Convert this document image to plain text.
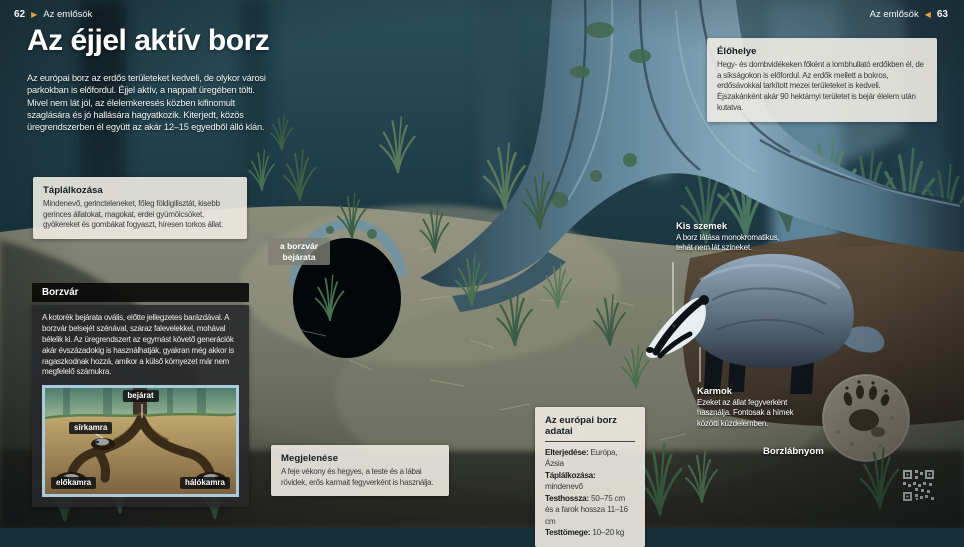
62 ▶ Az emlősök	Az emlősök ◀ 63
Az éjjel aktív borz

Az európai borz az erdős területeket kedveli, de olykor városi parkokban is előfordul. Éjjel aktív, a nappalt üregében tölti. Mivel nem lát jól, az élelemkeresés közben kifinomult szaglására és jó hallására hagyatkozik. Kiterjedt, közös üregrendszerben él együtt az akár 12–15 egyedből álló klán.

Táplálkozása

Mindenevő, gerincteleneket, főleg földigilisztát, kisebb gerinces állatokat, magokat, erdei gyümölcsöket, gyökereket és gombákat fogyaszt, híresen torkos állat.

Borzvár

A kotorék bejárata ovális, előtte jellegzetes barázdával. A borzvár belsejét szénával, száraz falevelekkel, mohával bélelik ki. Az üregrendszert az egymást követő generációk akár évszázadokig is használhatják, gyakran még akkor is ragaszkodnak hozzá, amikor a külső környezet már nem megfelelő számukra.

bejárat
sírkamra
előkamra	hálókamra
a borzvár bejárata
Élőhelye

Hegy- és dombvidékeken főként a lombhullató erdőkben él, de a síkságokon is előfordul. Az erdők mellett a bokros, erdősávokkal tarkított mezei területeket is kedveli. Éjszakánként akár 90 hektárnyi területet is bejár élelem után kutatva.

Kis szemek

A borz látása monokromatikus, tehát nem lát színeket.

Karmok

Ezeket az állat fegyverként használja. Fontosak a hímek közötti küzdelemben.

Az európai borz adatai
Elterjedése: Európa, Ázsia
Táplálkozása: mindenevő
Testhossza: 50–75 cm és a farok hossza 11–16 cm
Testtömege: 10–20 kg
Megjelenése

A feje vékony és hegyes, a teste és a lábai rövidek, erős karmait fegyverként is használja.

Borzlábnyom
